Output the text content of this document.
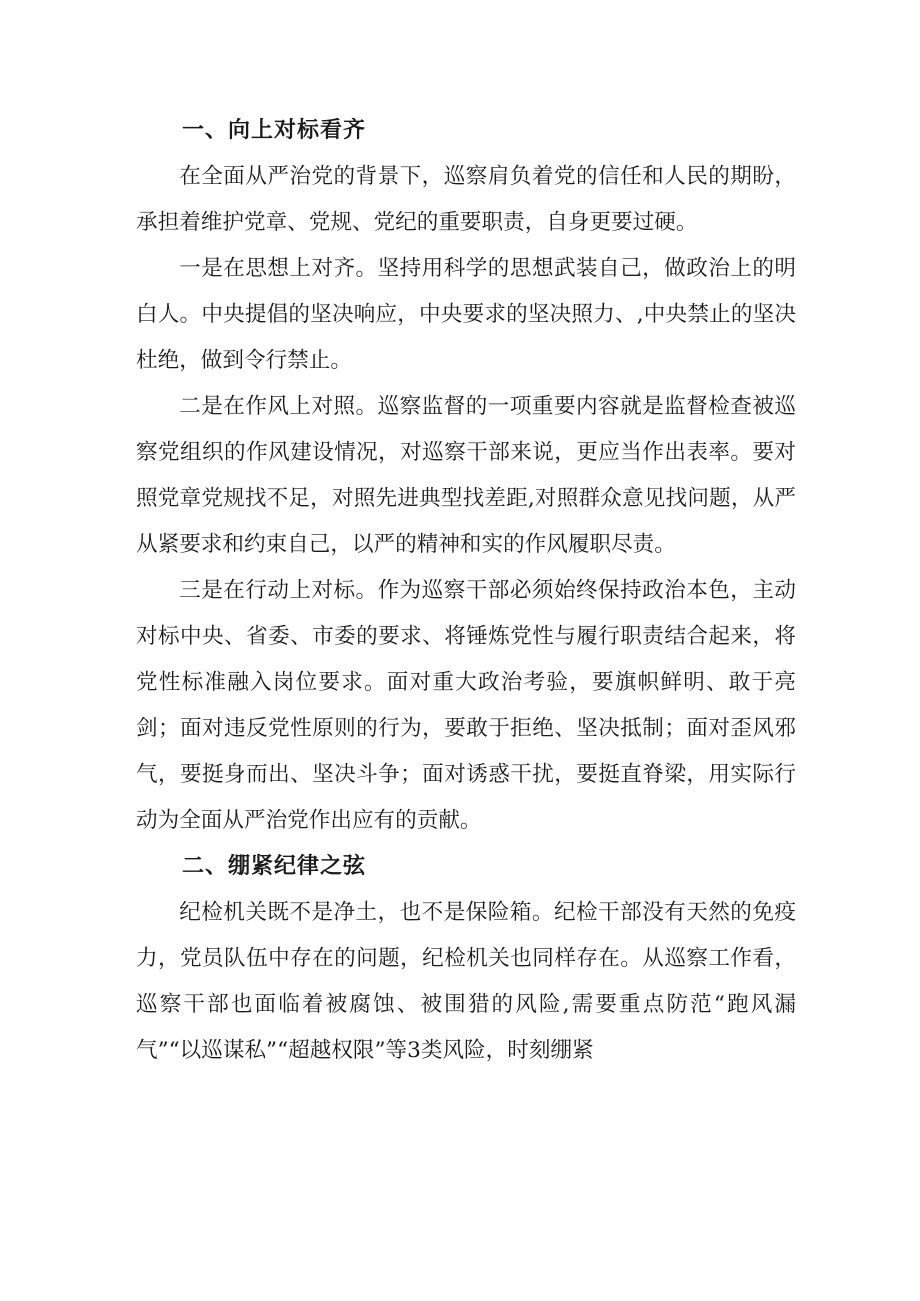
一、向上对标看齐

在全面从严治党的背景下，巡察肩负着党的信任和人民的期盼，承担着维护党章、党规、党纪的重要职责，自身更要过硬。

一是在思想上对齐。坚持用科学的思想武装自己，做政治上的明白人。中央提倡的坚决响应，中央要求的坚决照力、,中央禁止的坚决杜绝，做到令行禁止。

二是在作风上对照。巡察监督的一项重要内容就是监督检查被巡察党组织的作风建设情况，对巡察干部来说，更应当作出表率。要对照党章党规找不足，对照先进典型找差距,对照群众意见找问题，从严从紧要求和约束自己，以严的精神和实的作风履职尽责。

三是在行动上对标。作为巡察干部必须始终保持政治本色，主动对标中央、省委、市委的要求、将锤炼党性与履行职责结合起来，将党性标准融入岗位要求。面对重大政治考验，要旗帜鲜明、敢于亮剑；面对违反党性原则的行为，要敢于拒绝、坚决抵制；面对歪风邪气，要挺身而出、坚决斗争；面对诱惑干扰，要挺直脊梁，用实际行动为全面从严治党作出应有的贡献。

二、绷紧纪律之弦

纪检机关既不是净土，也不是保险箱。纪检干部没有天然的免疫力，党员队伍中存在的问题，纪检机关也同样存在。从巡察工作看，巡察干部也面临着被腐蚀、被围猎的风险,需要重点防范“跑风漏气”“以巡谋私”“超越权限”等3类风险，时刻绷紧
